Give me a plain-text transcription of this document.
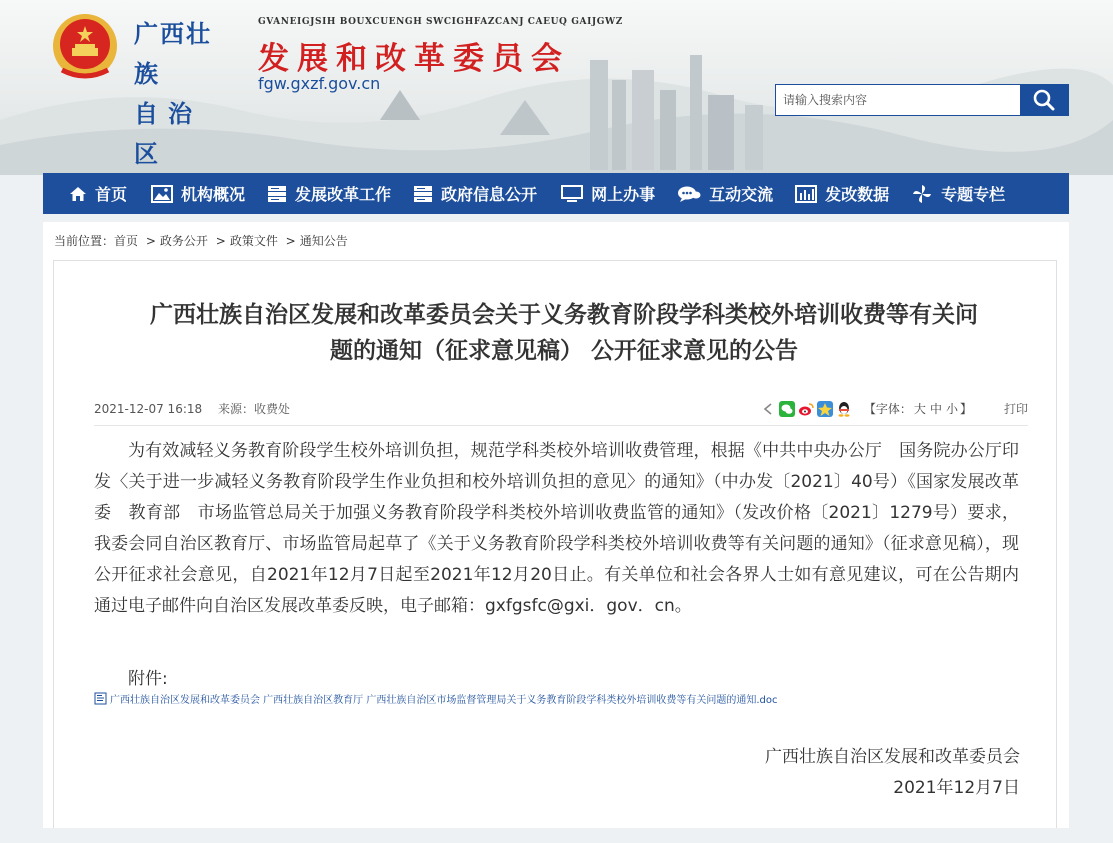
广西壮族
自治区
GVANEIGJSIH BOUXCUENGH SWCIGHFAZCANJ CAEUQ GAIJGWZ
发展和改革委员会
fgw.gxzf.gov.cn
请输入搜索内容
首页	机构概况	发展改革工作	政府信息公开	网上办事	互动交流	发改数据	专题专栏
当前位置：首页 > 政务公开 > 政策文件 > 通知公告
广西壮族自治区发展和改革委员会关于义务教育阶段学科类校外培训收费等有关问
题的通知（征求意见稿） 公开征求意见的公告
2021-12-07 16:18 来源：收费处	【字体： 大 中 小 】	打印
为有效减轻义务教育阶段学生校外培训负担，规范学科类校外培训收费管理，根据《中共中央办公厅　国务院办公厅印发〈关于进一步减轻义务教育阶段学生作业负担和校外培训负担的意见〉的通知》（中办发〔2021〕40号）《国家发展改革委　教育部　市场监管总局关于加强义务教育阶段学科类校外培训收费监管的通知》（发改价格〔2021〕1279号）要求，我委会同自治区教育厅、市场监管局起草了《关于义务教育阶段学科类校外培训收费等有关问题的通知》（征求意见稿），现公开征求社会意见，自2021年12月7日起至2021年12月20日止。有关单位和社会各界人士如有意见建议，可在公告期内通过电子邮件向自治区发展改革委反映，电子邮箱：gxfgsfc@gxi．gov．cn。
附件:
广西壮族自治区发展和改革委员会 广西壮族自治区教育厅 广西壮族自治区市场监督管理局关于义务教育阶段学科类校外培训收费等有关问题的通知.doc
广西壮族自治区发展和改革委员会
2021年12月7日
